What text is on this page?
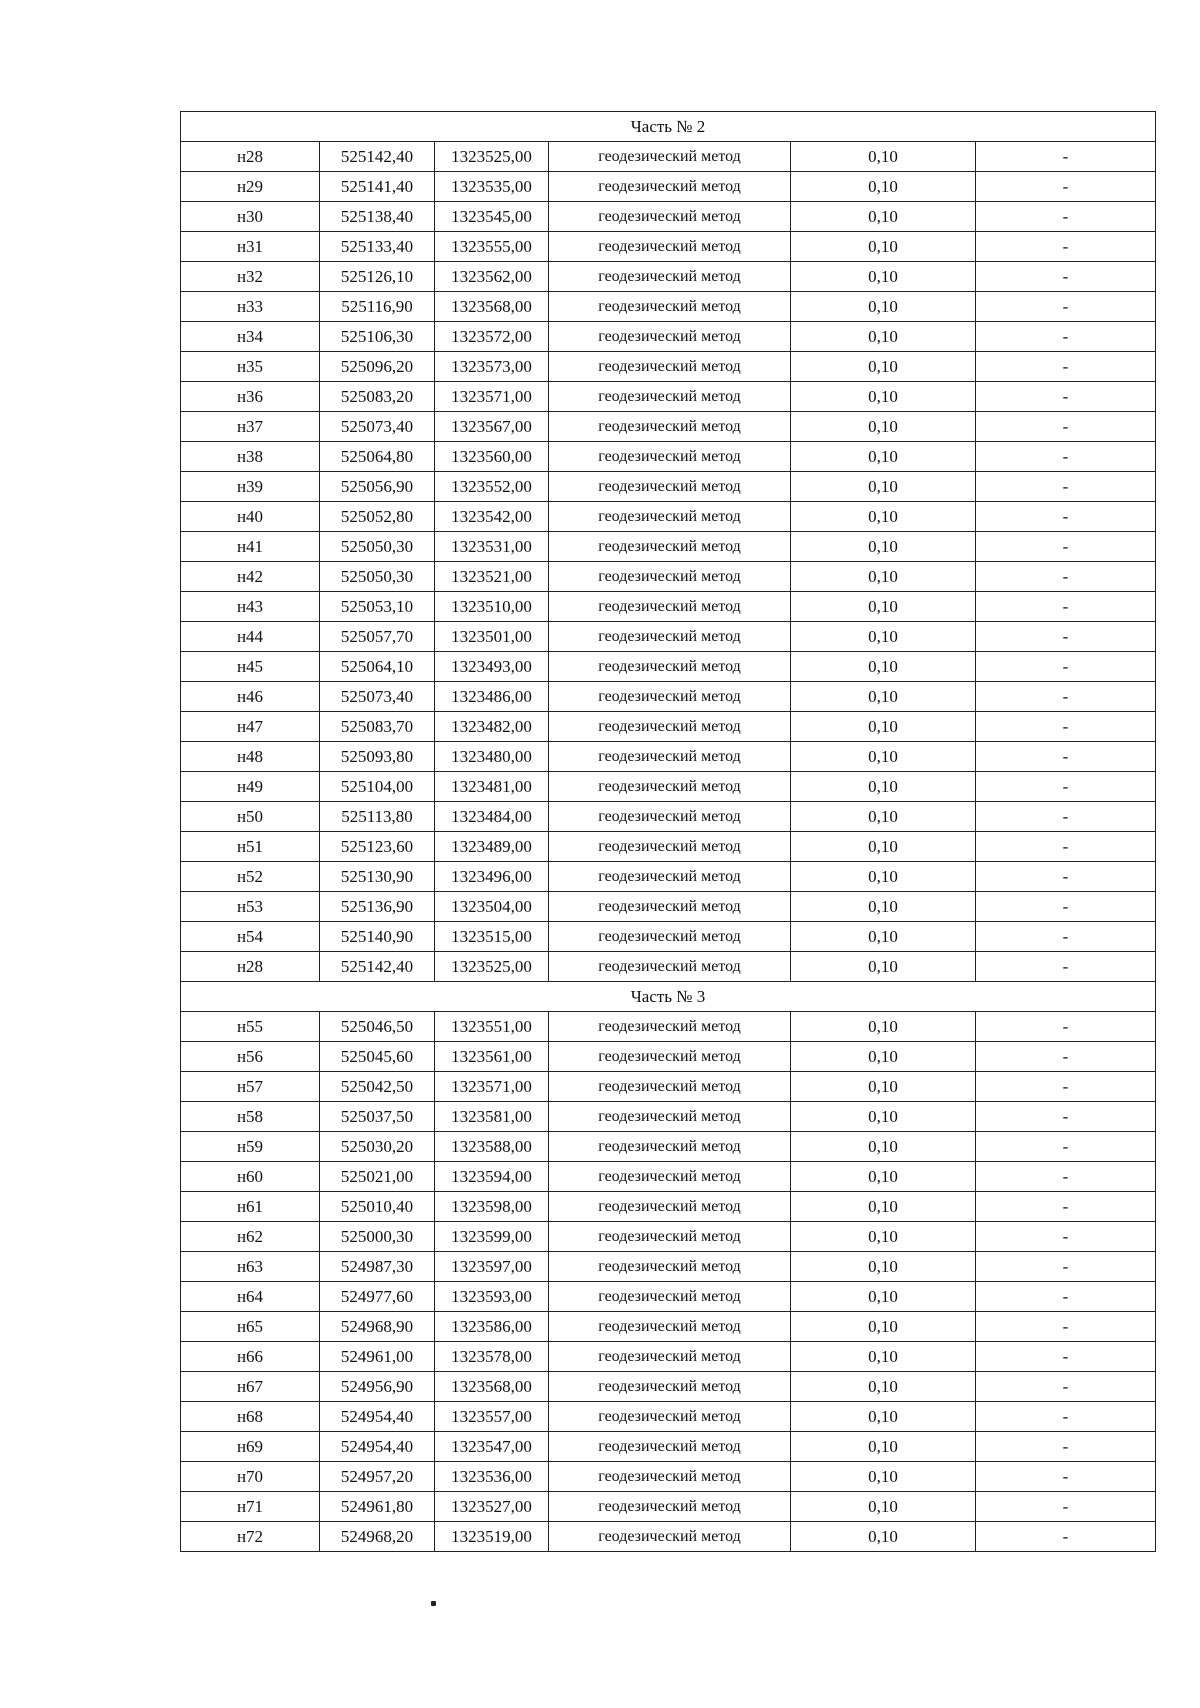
Часть № 2					
н28	525142,40	1323525,00	геодезический метод	0,10	-
н29	525141,40	1323535,00	геодезический метод	0,10	-
н30	525138,40	1323545,00	геодезический метод	0,10	-
н31	525133,40	1323555,00	геодезический метод	0,10	-
н32	525126,10	1323562,00	геодезический метод	0,10	-
н33	525116,90	1323568,00	геодезический метод	0,10	-
н34	525106,30	1323572,00	геодезический метод	0,10	-
н35	525096,20	1323573,00	геодезический метод	0,10	-
н36	525083,20	1323571,00	геодезический метод	0,10	-
н37	525073,40	1323567,00	геодезический метод	0,10	-
н38	525064,80	1323560,00	геодезический метод	0,10	-
н39	525056,90	1323552,00	геодезический метод	0,10	-
н40	525052,80	1323542,00	геодезический метод	0,10	-
н41	525050,30	1323531,00	геодезический метод	0,10	-
н42	525050,30	1323521,00	геодезический метод	0,10	-
н43	525053,10	1323510,00	геодезический метод	0,10	-
н44	525057,70	1323501,00	геодезический метод	0,10	-
н45	525064,10	1323493,00	геодезический метод	0,10	-
н46	525073,40	1323486,00	геодезический метод	0,10	-
н47	525083,70	1323482,00	геодезический метод	0,10	-
н48	525093,80	1323480,00	геодезический метод	0,10	-
н49	525104,00	1323481,00	геодезический метод	0,10	-
н50	525113,80	1323484,00	геодезический метод	0,10	-
н51	525123,60	1323489,00	геодезический метод	0,10	-
н52	525130,90	1323496,00	геодезический метод	0,10	-
н53	525136,90	1323504,00	геодезический метод	0,10	-
н54	525140,90	1323515,00	геодезический метод	0,10	-
н28	525142,40	1323525,00	геодезический метод	0,10	-
Часть № 3					
н55	525046,50	1323551,00	геодезический метод	0,10	-
н56	525045,60	1323561,00	геодезический метод	0,10	-
н57	525042,50	1323571,00	геодезический метод	0,10	-
н58	525037,50	1323581,00	геодезический метод	0,10	-
н59	525030,20	1323588,00	геодезический метод	0,10	-
н60	525021,00	1323594,00	геодезический метод	0,10	-
н61	525010,40	1323598,00	геодезический метод	0,10	-
н62	525000,30	1323599,00	геодезический метод	0,10	-
н63	524987,30	1323597,00	геодезический метод	0,10	-
н64	524977,60	1323593,00	геодезический метод	0,10	-
н65	524968,90	1323586,00	геодезический метод	0,10	-
н66	524961,00	1323578,00	геодезический метод	0,10	-
н67	524956,90	1323568,00	геодезический метод	0,10	-
н68	524954,40	1323557,00	геодезический метод	0,10	-
н69	524954,40	1323547,00	геодезический метод	0,10	-
н70	524957,20	1323536,00	геодезический метод	0,10	-
н71	524961,80	1323527,00	геодезический метод	0,10	-
н72	524968,20	1323519,00	геодезический метод	0,10	-
